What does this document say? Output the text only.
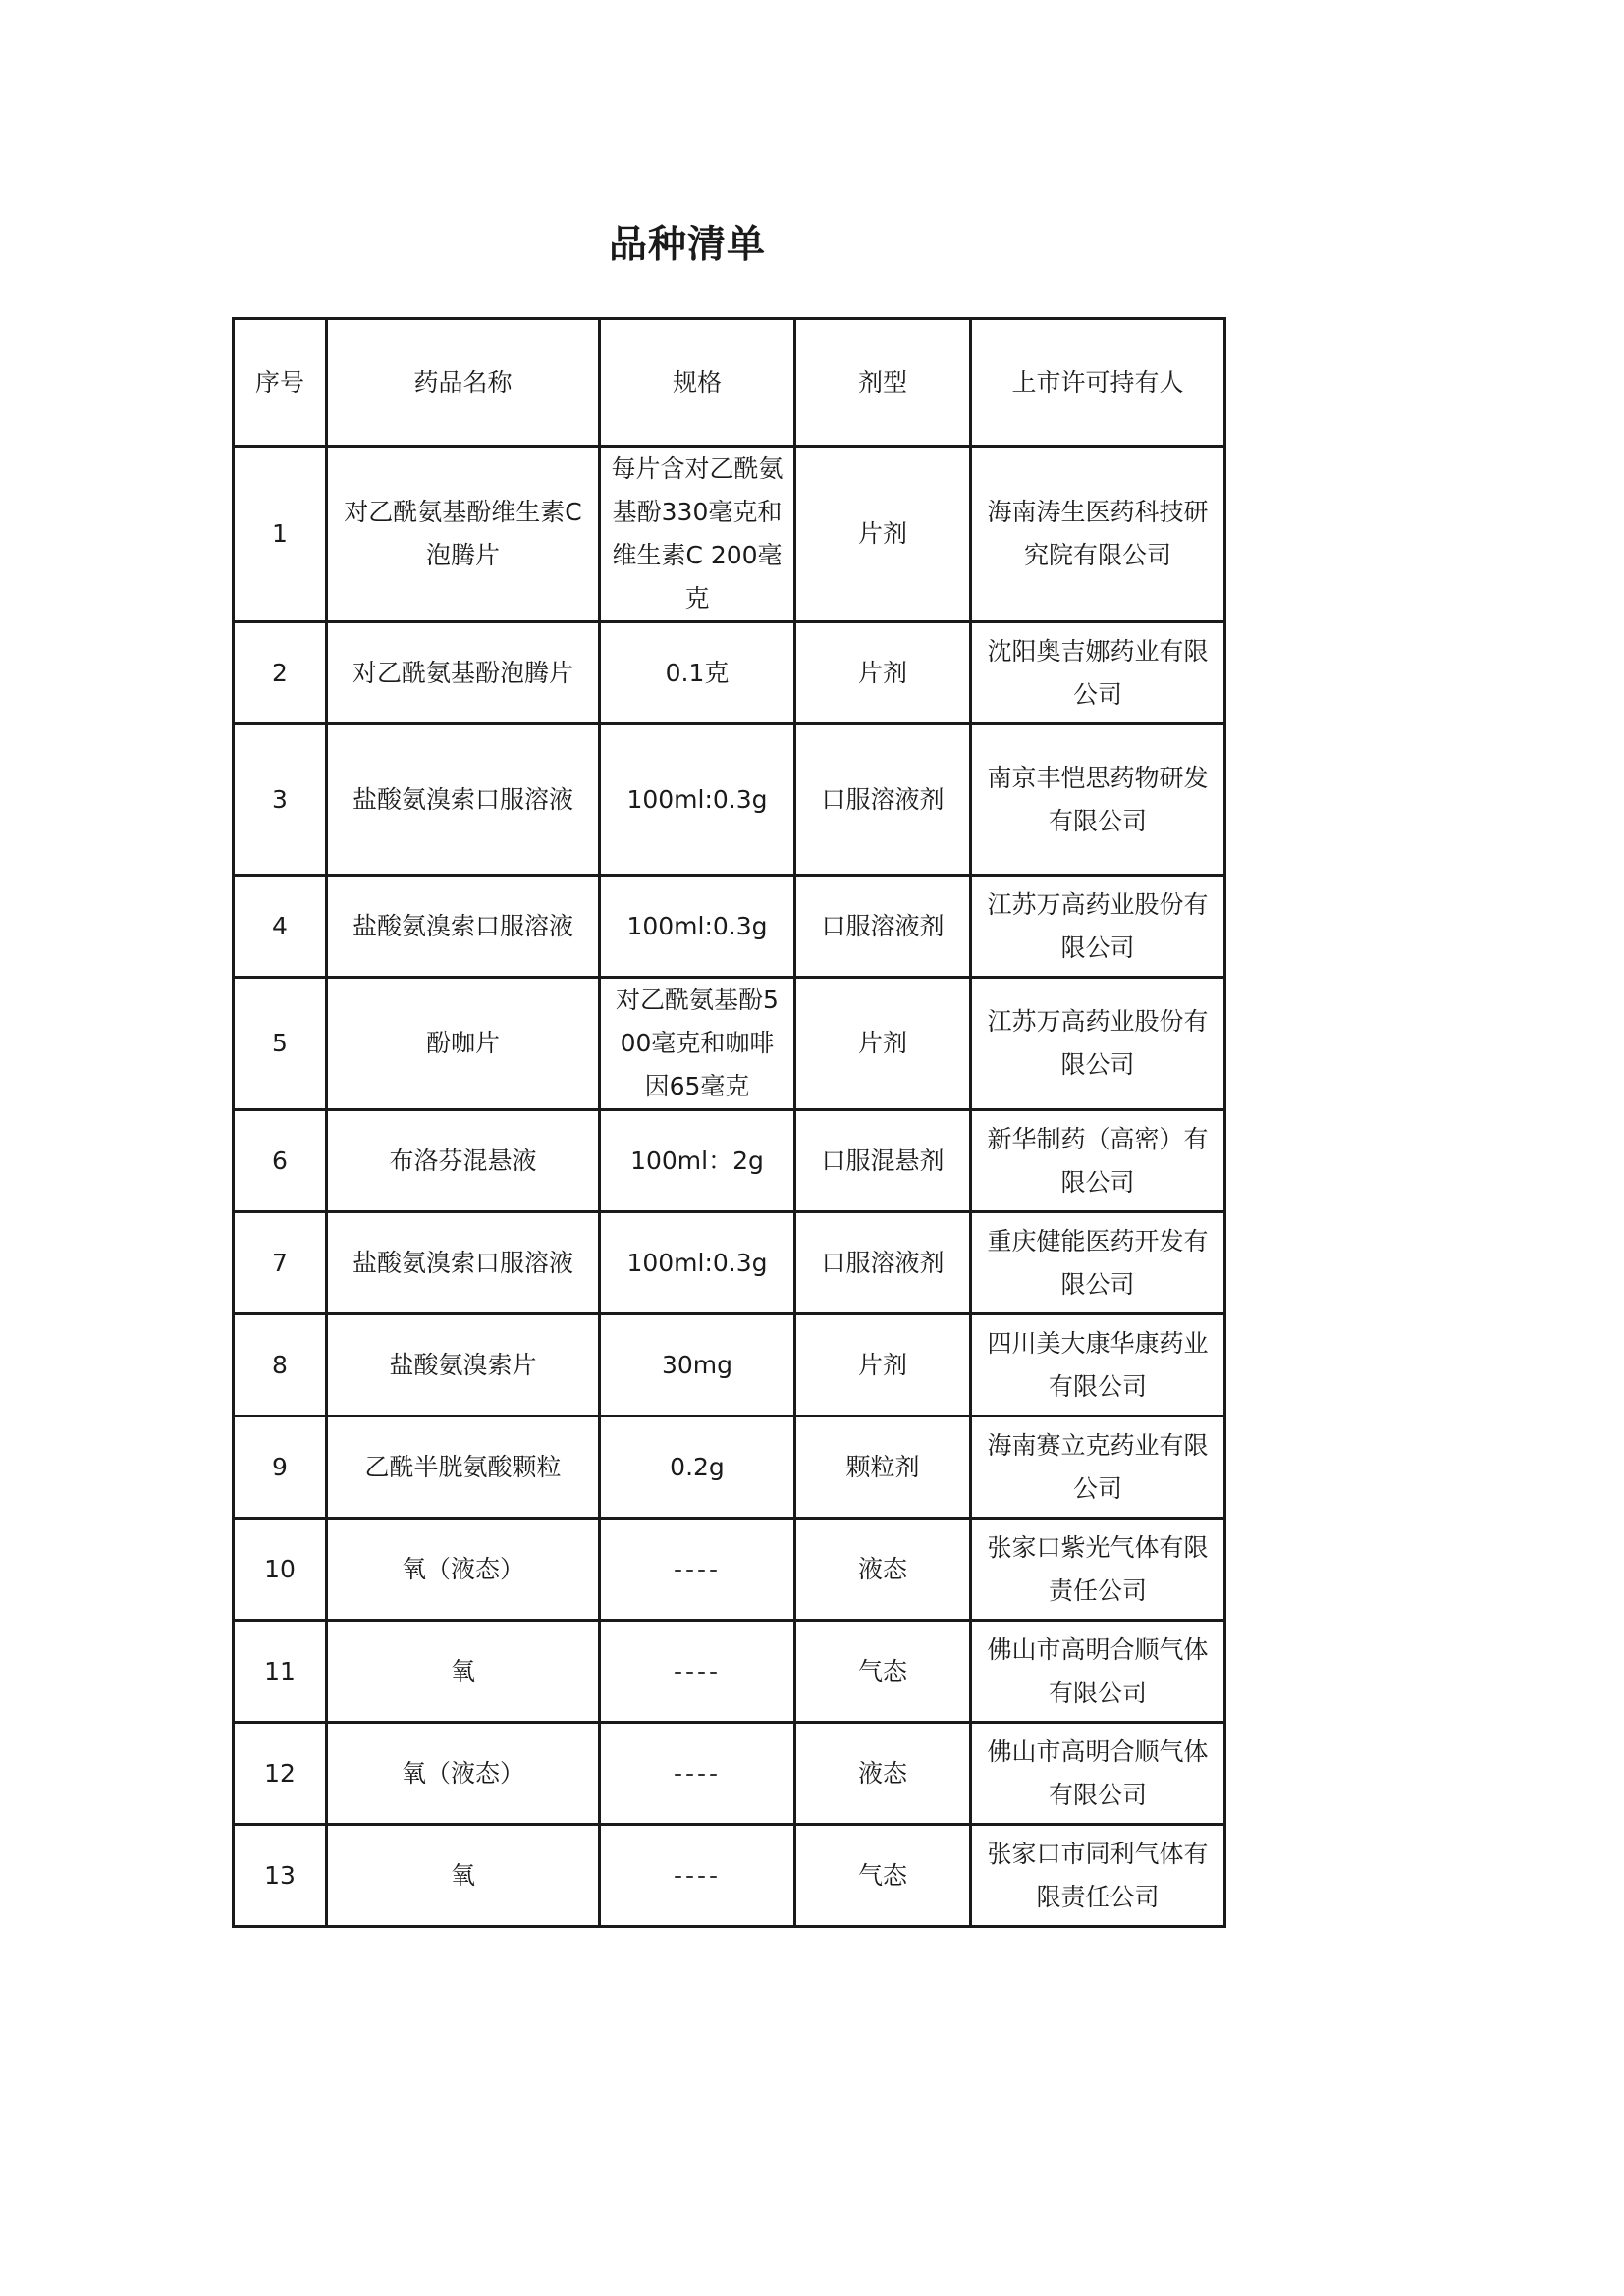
品种清单
序号	药品名称	规格	剂型	上市许可持有人
1	对乙酰氨基酚维生素C泡腾片	每片含对乙酰氨基酚330毫克和维生素C 200毫克	片剂	海南涛生医药科技研究院有限公司
2	对乙酰氨基酚泡腾片	0.1克	片剂	沈阳奥吉娜药业有限公司
3	盐酸氨溴索口服溶液	100ml:0.3g	口服溶液剂	南京丰恺思药物研发有限公司
4	盐酸氨溴索口服溶液	100ml:0.3g	口服溶液剂	江苏万高药业股份有限公司
5	酚咖片	对乙酰氨基酚500毫克和咖啡因65毫克	片剂	江苏万高药业股份有限公司
6	布洛芬混悬液	100ml：2g	口服混悬剂	新华制药（高密）有限公司
7	盐酸氨溴索口服溶液	100ml:0.3g	口服溶液剂	重庆健能医药开发有限公司
8	盐酸氨溴索片	30mg	片剂	四川美大康华康药业有限公司
9	乙酰半胱氨酸颗粒	0.2g	颗粒剂	海南赛立克药业有限公司
10	氧（液态）	----	液态	张家口紫光气体有限责任公司
11	氧	----	气态	佛山市高明合顺气体有限公司
12	氧（液态）	----	液态	佛山市高明合顺气体有限公司
13	氧	----	气态	张家口市同利气体有限责任公司
